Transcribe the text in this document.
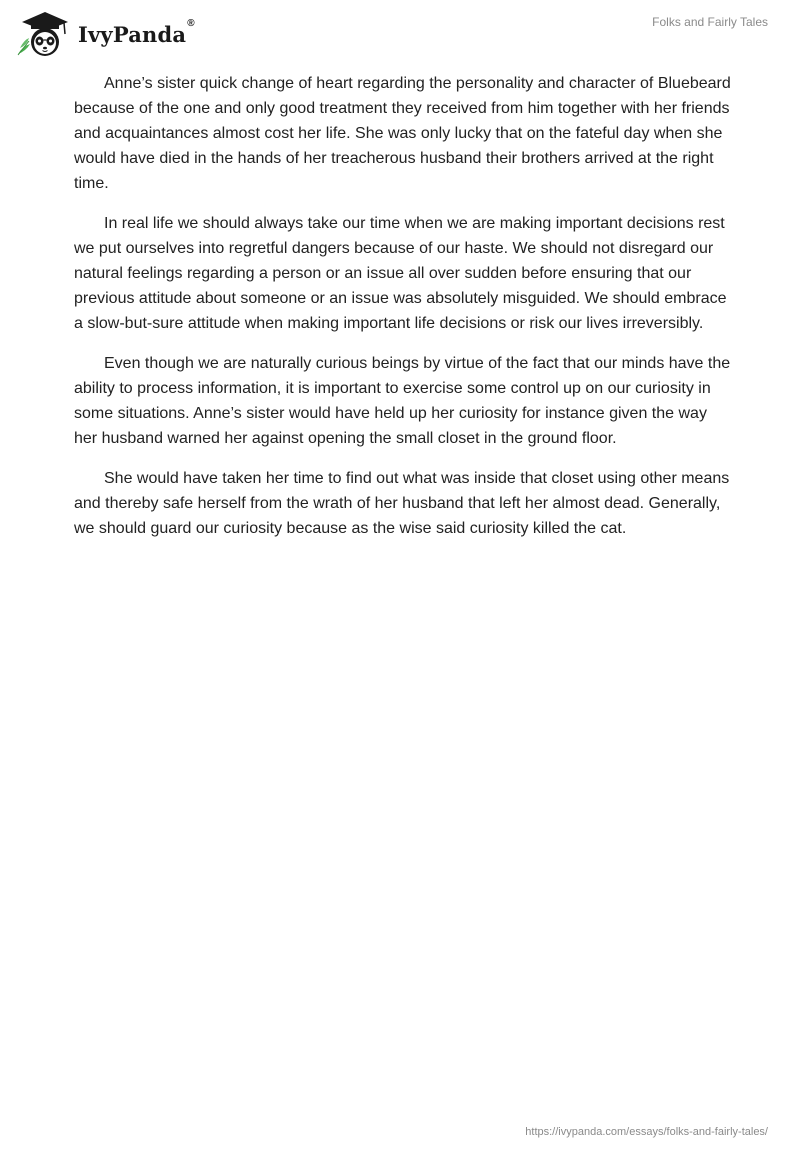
IvyPanda®	Folks and Fairly Tales

Anne’s sister quick change of heart regarding the personality and character of Bluebeard because of the one and only good treatment they received from him together with her friends and acquaintances almost cost her life. She was only lucky that on the fateful day when she would have died in the hands of her treacherous husband their brothers arrived at the right time.

In real life we should always take our time when we are making important decisions rest we put ourselves into regretful dangers because of our haste. We should not disregard our natural feelings regarding a person or an issue all over sudden before ensuring that our previous attitude about someone or an issue was absolutely misguided. We should embrace a slow-but-sure attitude when making important life decisions or risk our lives irreversibly.

Even though we are naturally curious beings by virtue of the fact that our minds have the ability to process information, it is important to exercise some control up on our curiosity in some situations. Anne’s sister would have held up her curiosity for instance given the way her husband warned her against opening the small closet in the ground floor.

She would have taken her time to find out what was inside that closet using other means and thereby safe herself from the wrath of her husband that left her almost dead. Generally, we should guard our curiosity because as the wise said curiosity killed the cat.

https://ivypanda.com/essays/folks-and-fairly-tales/
